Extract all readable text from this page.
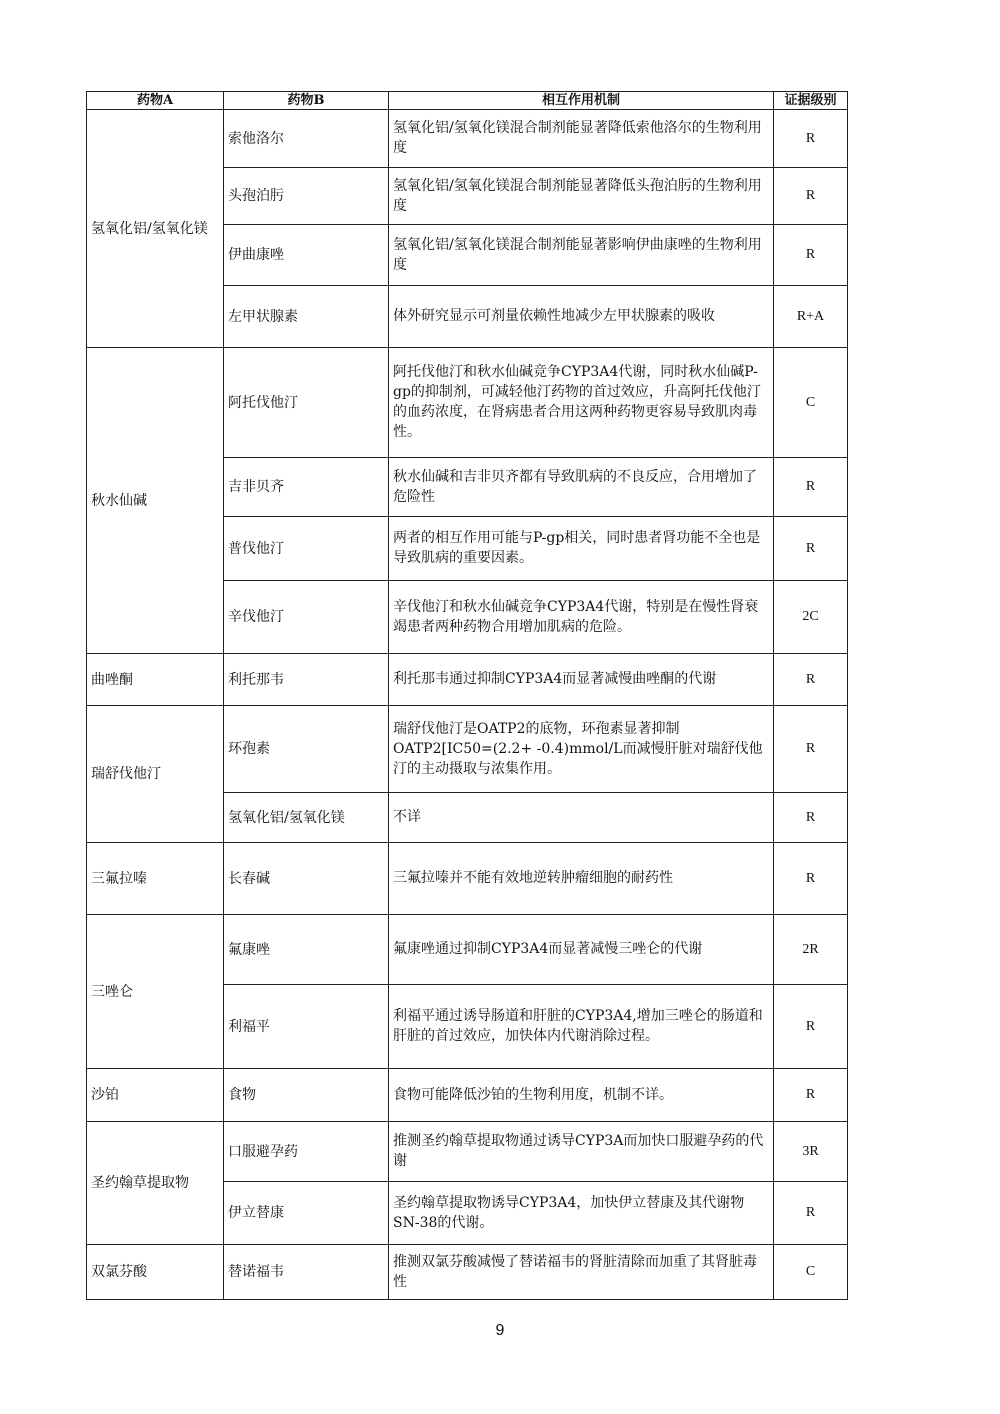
药物A	药物B	相互作用机制	证据级别
氢氧化铝/氢氧化镁	索他洛尔	氢氧化铝/氢氧化镁混合制剂能显著降低索他洛尔的生物利用度	R
	头孢泊肟	氢氧化铝/氢氧化镁混合制剂能显著降低头孢泊肟的生物利用度	R
	伊曲康唑	氢氧化铝/氢氧化镁混合制剂能显著影响伊曲康唑的生物利用度	R
	左甲状腺素	体外研究显示可剂量依赖性地减少左甲状腺素的吸收	R+A
秋水仙碱	阿托伐他汀	阿托伐他汀和秋水仙碱竞争CYP3A4代谢，同时秋水仙碱P-gp的抑制剂，可减轻他汀药物的首过效应，升高阿托伐他汀的血药浓度，在肾病患者合用这两种药物更容易导致肌肉毒性。	C
	吉非贝齐	秋水仙碱和吉非贝齐都有导致肌病的不良反应，合用增加了危险性	R
	普伐他汀	两者的相互作用可能与P-gp相关，同时患者肾功能不全也是导致肌病的重要因素。	R
	辛伐他汀	辛伐他汀和秋水仙碱竞争CYP3A4代谢，特别是在慢性肾衰竭患者两种药物合用增加肌病的危险。	2C
曲唑酮	利托那韦	利托那韦通过抑制CYP3A4而显著减慢曲唑酮的代谢	R
瑞舒伐他汀	环孢素	瑞舒伐他汀是OATP2的底物，环孢素显著抑制OATP2[IC50=(2.2+ -0.4)mmol/L而减慢肝脏对瑞舒伐他汀的主动摄取与浓集作用。	R
	氢氧化铝/氢氧化镁	不详	R
三氟拉嗪	长春碱	三氟拉嗪并不能有效地逆转肿瘤细胞的耐药性	R
三唑仑	氟康唑	氟康唑通过抑制CYP3A4而显著减慢三唑仑的代谢	2R
	利福平	利福平通过诱导肠道和肝脏的CYP3A4,增加三唑仑的肠道和肝脏的首过效应，加快体内代谢消除过程。	R
沙铂	食物	食物可能降低沙铂的生物利用度，机制不详。	R
圣约翰草提取物	口服避孕药	推测圣约翰草提取物通过诱导CYP3A而加快口服避孕药的代谢	3R
	伊立替康	圣约翰草提取物诱导CYP3A4，加快伊立替康及其代谢物SN-38的代谢。	R
双氯芬酸	替诺福韦	推测双氯芬酸减慢了替诺福韦的肾脏清除而加重了其肾脏毒性	C
9
